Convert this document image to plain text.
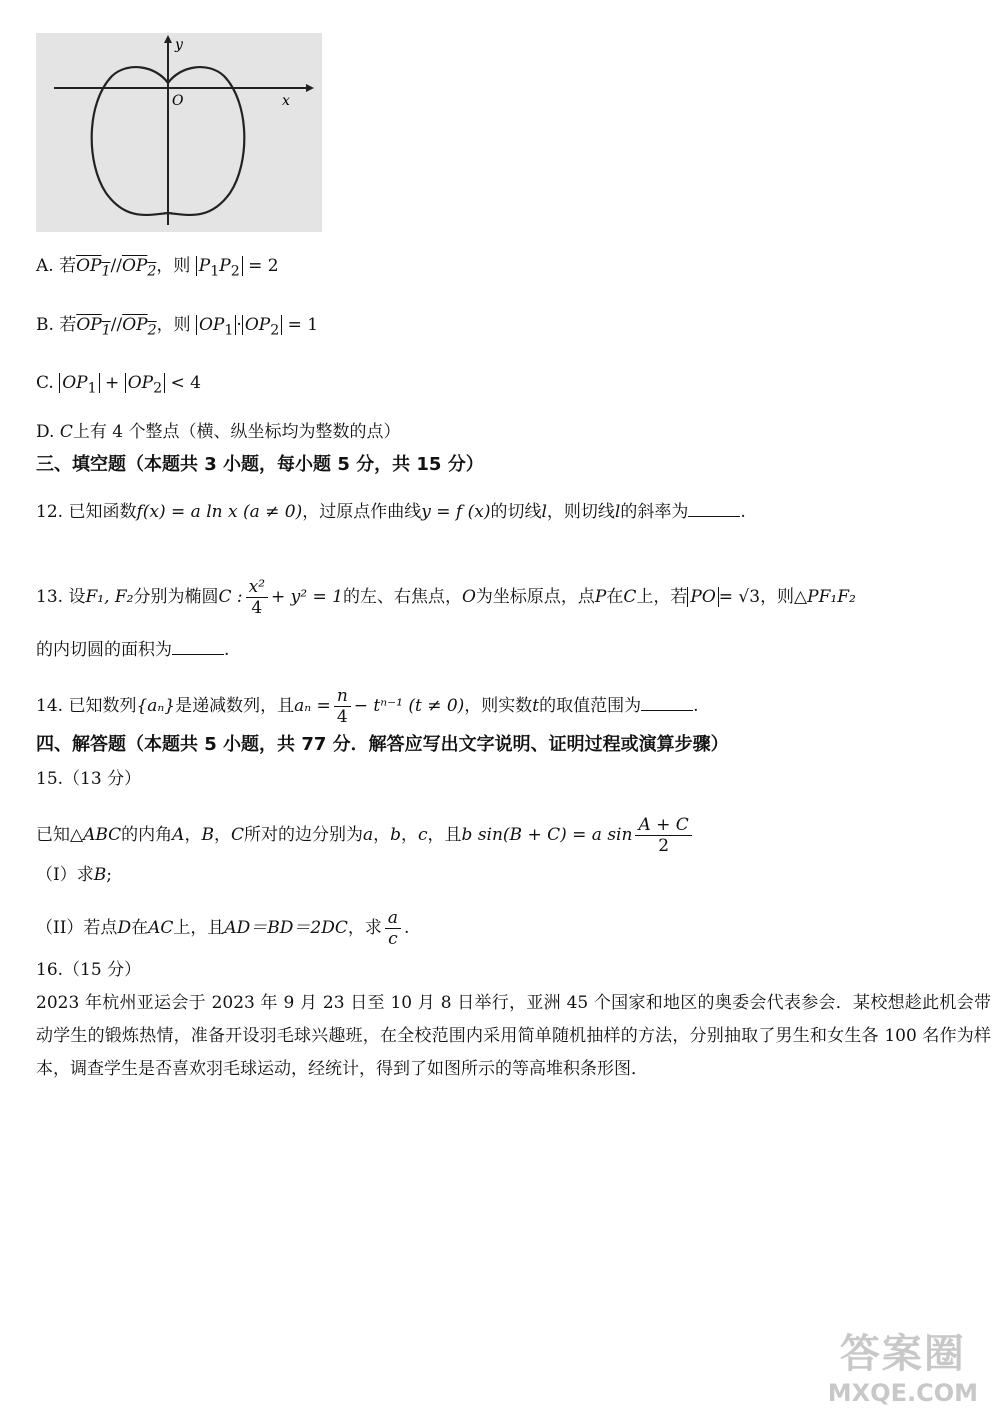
y
x
O
A. 若$OP_1//OP_2$，则 $P_1P_2 = 2$
B. 若$OP_1//OP_2$，则 $OP_1 \cdot OP_2 = 1$
C. $OP_1 + OP_2 < 4$
D. C上有 4 个整点（横、纵坐标均为整数的点）
三、填空题（本题共 3 小题，每小题 5 分，共 15 分）
12. 已知函数f(x) = a ln x (a ≠ 0)，过原点作曲线y = f (x)的切线l，则切线l的斜率为	.
13. 设F₁, F₂分别为椭圆C : $\frac{\text{x²}}{4} + y^2 = 1$的左、右焦点，O为坐标原点，点P在C上，若 PO = √3，则△PF₁F₂
的内切圆的面积为	.
14. 已知数列{aₙ}是递减数列，且$a_n = \frac{n}{4} - t^{n-1}$ (t ≠ 0)，则实数t的取值范围为	.
四、解答题（本题共 5 小题，共 77 分．解答应写出文字说明、证明过程或演算步骤）
15.（13 分）
已知△ABC的内角A，B，C所对的边分别为a，b，c，且b sin(B + C) = a $\sin \frac{A + C}{2}$
（I）求B;
（II）若点D在AC上，且AD＝BD＝2DC，求 $\frac{a}{c}$ .
16.（15 分）
2023 年杭州亚运会于 2023 年 9 月 23 日至 10 月 8 日举行，亚洲 45 个国家和地区的奥委会代表参会．某校想趁此机会带动学生的锻炼热情，准备开设羽毛球兴趣班，在全校范围内采用简单随机抽样的方法，分别抽取了男生和女生各 100 名作为样本，调查学生是否喜欢羽毛球运动，经统计，得到了如图所示的等高堆积条形图．
答案圈
MXQE.COM
